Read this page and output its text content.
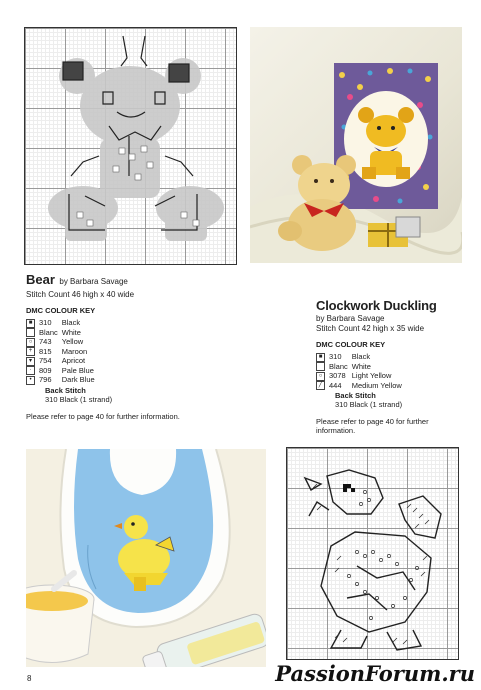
Bear by Barbara Savage
Stitch Count 46 high x 40 wide
DMC COLOUR KEY
■	310	Black
	Blanc	White
○	743	Yellow
+	815	Maroon
▾	754	Apricot
·	809	Pale Blue
•	796	Dark Blue
Back Stitch
310 Black (1 strand)
Please refer to page 40 for further information.
Clockwork Duckling
by Barbara Savage
Stitch Count 42 high x 35 wide
DMC COLOUR KEY
■	310	Black
	Blanc	White
○	3078	Light Yellow
╱	444	Medium Yellow
Back Stitch
310 Black (1 strand)
Please refer to page 40 for further
information.
8	PassionForum.ru
